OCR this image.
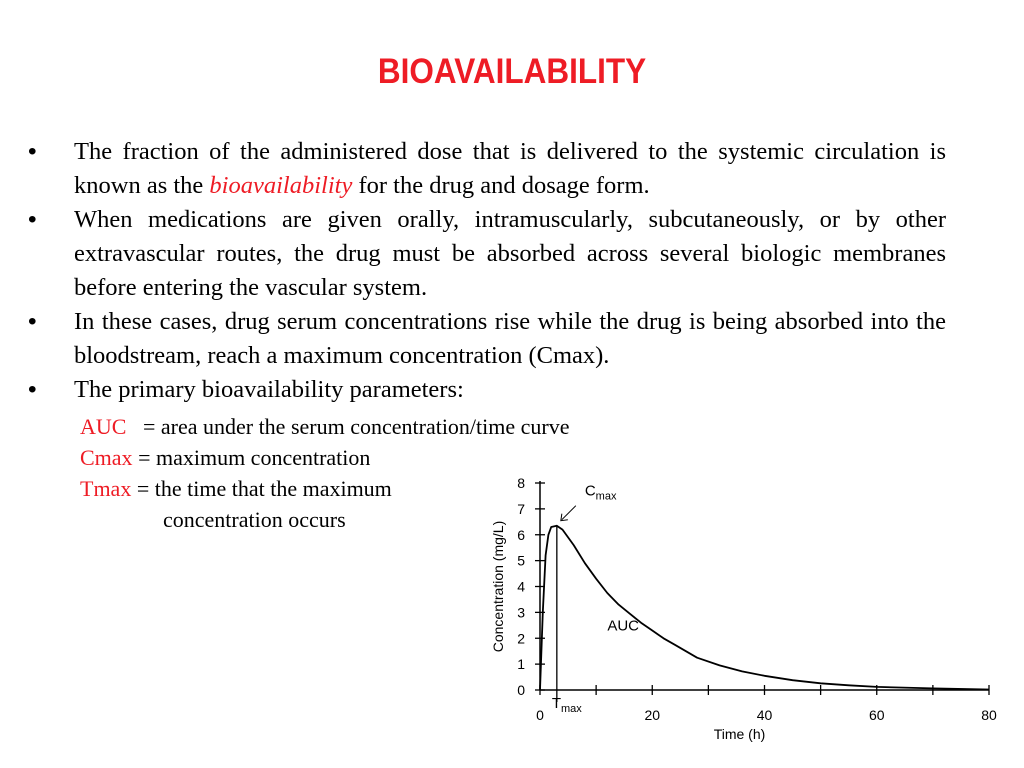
BIOAVAILABILITY
• The fraction of the administered dose that is delivered to the systemic circulation is known as the bioavailability for the drug and dosage form.
• When medications are given orally, intramuscularly, subcutaneously, or by other extravascular routes, the drug must be absorbed across several biologic membranes before entering the vascular system.
• In these cases, drug serum concentrations rise while the drug is being absorbed into the bloodstream, reach a maximum concentration (Cmax).
• The primary bioavailability parameters:
AUC   = area under the serum concentration/time curve
Cmax = maximum concentration
Tmax = the time that the maximum
concentration occurs
0
1
2
3
4
5
6
7
8
0	20	40	60	80
Time (h)
Concentration (mg/L)
$C_{max}$
$T_{max}$
AUC
